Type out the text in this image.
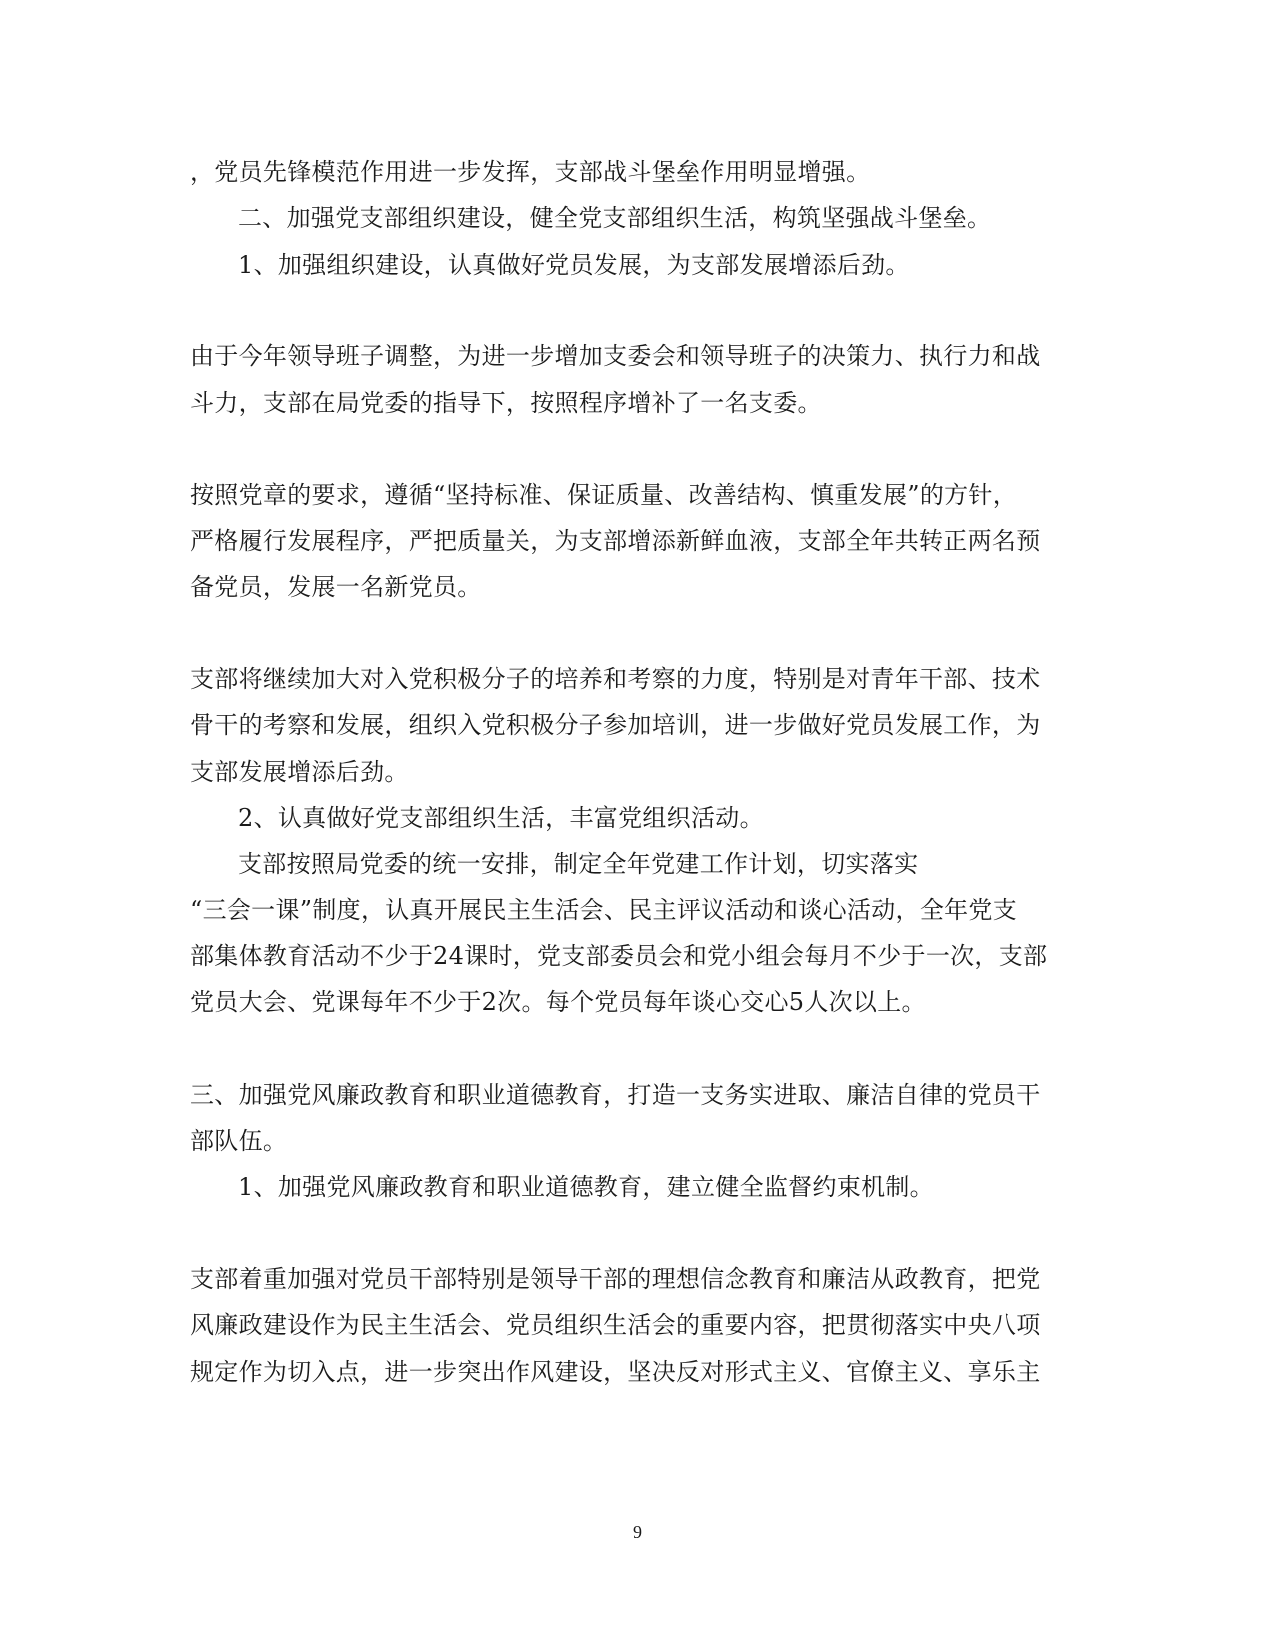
，党员先锋模范作用进一步发挥，支部战斗堡垒作用明显增强。
二、加强党支部组织建设，健全党支部组织生活，构筑坚强战斗堡垒。
1、加强组织建设，认真做好党员发展，为支部发展增添后劲。
由于今年领导班子调整，为进一步增加支委会和领导班子的决策力、执行力和战
斗力，支部在局党委的指导下，按照程序增补了一名支委。
按照党章的要求，遵循“坚持标准、保证质量、改善结构、慎重发展”的方针，
严格履行发展程序，严把质量关，为支部增添新鲜血液，支部全年共转正两名预
备党员，发展一名新党员。
支部将继续加大对入党积极分子的培养和考察的力度，特别是对青年干部、技术
骨干的考察和发展，组织入党积极分子参加培训，进一步做好党员发展工作，为
支部发展增添后劲。
2、认真做好党支部组织生活，丰富党组织活动。
支部按照局党委的统一安排，制定全年党建工作计划，切实落实
“三会一课”制度，认真开展民主生活会、民主评议活动和谈心活动，全年党支
部集体教育活动不少于24课时，党支部委员会和党小组会每月不少于一次，支部
党员大会、党课每年不少于2次。每个党员每年谈心交心5人次以上。
三、加强党风廉政教育和职业道德教育，打造一支务实进取、廉洁自律的党员干
部队伍。
1、加强党风廉政教育和职业道德教育，建立健全监督约束机制。
支部着重加强对党员干部特别是领导干部的理想信念教育和廉洁从政教育，把党
风廉政建设作为民主生活会、党员组织生活会的重要内容，把贯彻落实中央八项
规定作为切入点，进一步突出作风建设，坚决反对形式主义、官僚主义、享乐主
9
